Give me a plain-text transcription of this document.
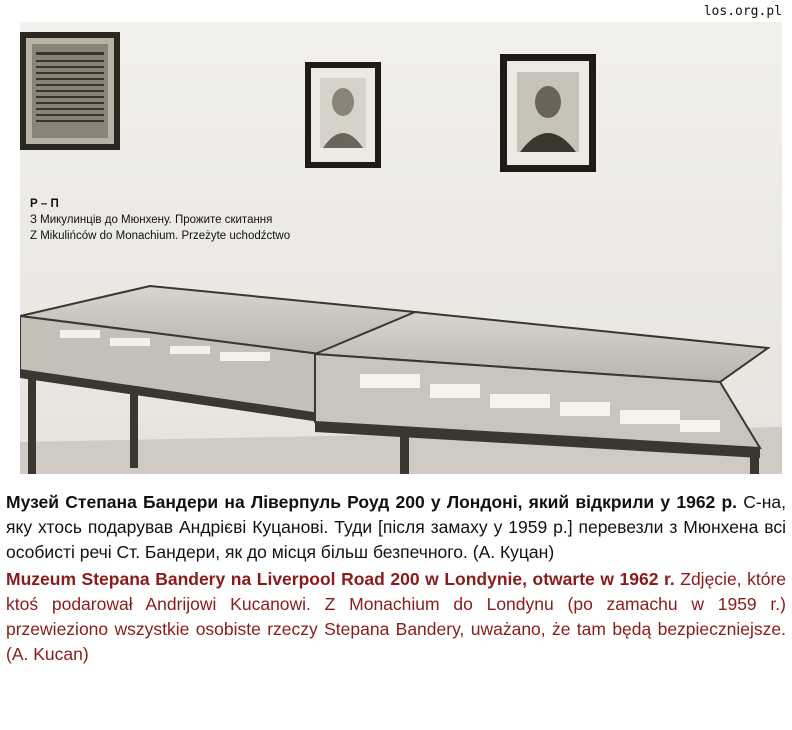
los.org.pl
Р – П
З Микулинців до Мюнхену. Прожите скитання
Z Mikulińców do Monachium. Przeżyte uchodźctwo
Музей Степана Бандери на Ліверпуль Роуд 200 у Лондоні, який відкрили у 1962 р. С-на, яку хтось подарував Андрієві Куцанові. Туди [після замаху у 1959 р.] перевезли з Мюнхена всі особисті речі Ст. Бандери, як до місця більш безпечного. (А. Куцан)
Muzeum Stepana Bandery na Liverpool Road 200 w Londynie, otwarte w 1962 r. Zdjęcie, które ktoś podarował Andrijowi Kucanowi. Z Monachium do Londynu (po zamachu w 1959 r.) przewieziono wszystkie osobiste rzeczy Stepana Bandery, uważano, że tam będą bezpieczniejsze. (A. Kucan)
